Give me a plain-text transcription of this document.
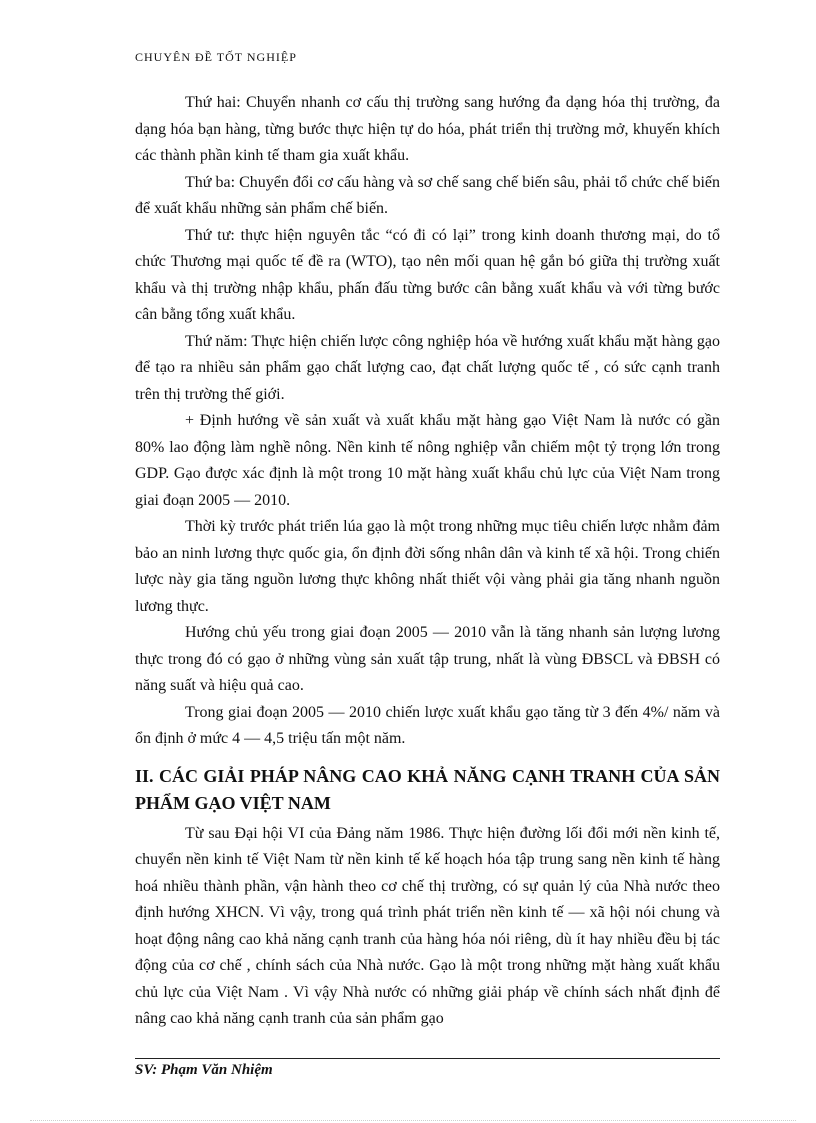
CHUYÊN ĐỀ TỐT NGHIỆP

Thứ hai: Chuyển nhanh cơ cấu thị trường sang hướng đa dạng hóa thị trường, đa dạng hóa bạn hàng, từng bước thực hiện tự do hóa, phát triển thị trường mở, khuyến khích các thành phần kinh tế tham gia xuất khẩu.

Thứ ba: Chuyển đổi cơ cấu hàng và sơ chế sang chế biến sâu, phải tổ chức chế biến để xuất khẩu những sản phẩm chế biến.

Thứ tư: thực hiện nguyên tắc “có đi có lại” trong kinh doanh thương mại, do tổ chức Thương mại quốc tế đề ra (WTO), tạo nên mối quan hệ gắn bó giữa thị trường xuất khẩu và thị trường nhập khẩu, phấn đấu từng bước cân bằng xuất khẩu và với từng bước cân bằng tổng xuất khẩu.

Thứ năm: Thực hiện chiến lược công nghiệp hóa về hướng xuất khẩu mặt hàng gạo để tạo ra nhiều sản phẩm gạo chất lượng cao, đạt chất lượng quốc tế , có sức cạnh tranh trên thị trường thế giới.

+ Định hướng về sản xuất và xuất khẩu mặt hàng gạo Việt Nam là nước có gần 80% lao động làm nghề nông. Nền kinh tế nông nghiệp vẫn chiếm một tỷ trọng lớn trong GDP. Gạo được xác định là một trong 10 mặt hàng xuất khẩu chủ lực của Việt Nam trong giai đoạn 2005 — 2010.

Thời kỳ trước phát triển lúa gạo là một trong những mục tiêu chiến lược nhằm đảm bảo an ninh lương thực quốc gia, ổn định đời sống nhân dân và kinh tế xã hội. Trong chiến lược này gia tăng nguồn lương thực không nhất thiết vội vàng phải gia tăng nhanh nguồn lương thực.

Hướng chủ yếu trong giai đoạn 2005 — 2010 vẫn là tăng nhanh sản lượng lương thực trong đó có gạo ở những vùng sản xuất tập trung, nhất là vùng ĐBSCL và ĐBSH có năng suất và hiệu quả cao.

Trong giai đoạn 2005 — 2010 chiến lược xuất khẩu gạo tăng từ 3 đến 4%/ năm và ổn định ở mức 4 — 4,5 triệu tấn một năm.

II. CÁC GIẢI PHÁP NÂNG CAO KHẢ NĂNG CẠNH TRANH CỦA SẢN PHẨM GẠO VIỆT NAM

Từ sau Đại hội VI của Đảng năm 1986. Thực hiện đường lối đổi mới nền kinh tế, chuyển nền kinh tế Việt Nam từ nền kinh tế kế hoạch hóa tập trung sang nền kinh tế hàng hoá nhiều thành phần, vận hành theo cơ chế thị trường, có sự quản lý của Nhà nước theo định hướng XHCN. Vì vậy, trong quá trình phát triển nền kinh tế — xã hội nói chung và hoạt động nâng cao khả năng cạnh tranh của hàng hóa nói riêng, dù ít hay nhiều đều bị tác động của cơ chế , chính sách của Nhà nước. Gạo là một trong những mặt hàng xuất khẩu chủ lực của Việt Nam . Vì vậy Nhà nước có những giải pháp về chính sách nhất định để nâng cao khả năng cạnh tranh của sản phẩm gạo

SV: Phạm Văn Nhiệm
